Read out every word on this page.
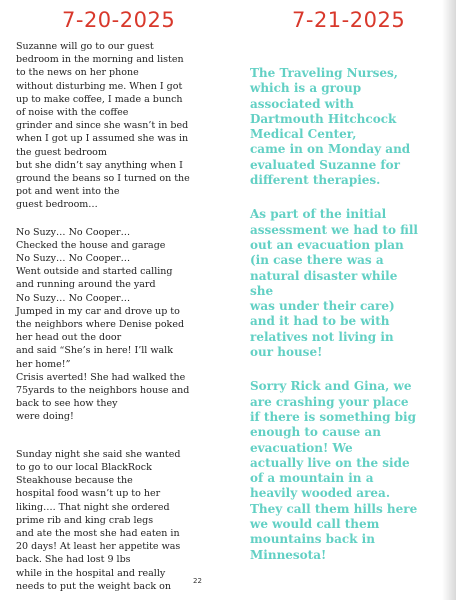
7-20-2025	7-21-2025
Suzanne will go to our guest
bedroom in the morning and listen
to the news on her phone
without disturbing me. When I got
up to make coffee, I made a bunch
of noise with the coffee
grinder and since she wasn’t in bed
when I got up I assumed she was in
the guest bedroom
but she didn’t say anything when I
ground the beans so I turned on the
pot and went into the
guest bedroom…
No Suzy… No Cooper…
Checked the house and garage
No Suzy… No Cooper…
Went outside and started calling
and running around the yard
No Suzy… No Cooper…
Jumped in my car and drove up to
the neighbors where Denise poked
her head out the door
and said “She’s in here! I’ll walk
her home!”
Crisis averted! She had walked the
75yards to the neighbors house and
back to see how they
were doing!
Sunday night she said she wanted
to go to our local BlackRock
Steakhouse because the
hospital food wasn’t up to her
liking…. That night she ordered
prime rib and king crab legs
and ate the most she had eaten in
20 days! At least her appetite was
back. She had lost 9 lbs
while in the hospital and really
needs to put the weight back on
The Traveling Nurses,
which is a group
associated with
Dartmouth Hitchcock
Medical Center,
came in on Monday and
evaluated Suzanne for
different therapies.
As part of the initial
assessment we had to fill
out an evacuation plan
(in case there was a
natural disaster while
she
was under their care)
and it had to be with
relatives not living in
our house!
Sorry Rick and Gina, we
are crashing your place
if there is something big
enough to cause an
evacuation! We
actually live on the side
of a mountain in a
heavily wooded area.
They call them hills here
we would call them
mountains back in
Minnesota!
22
